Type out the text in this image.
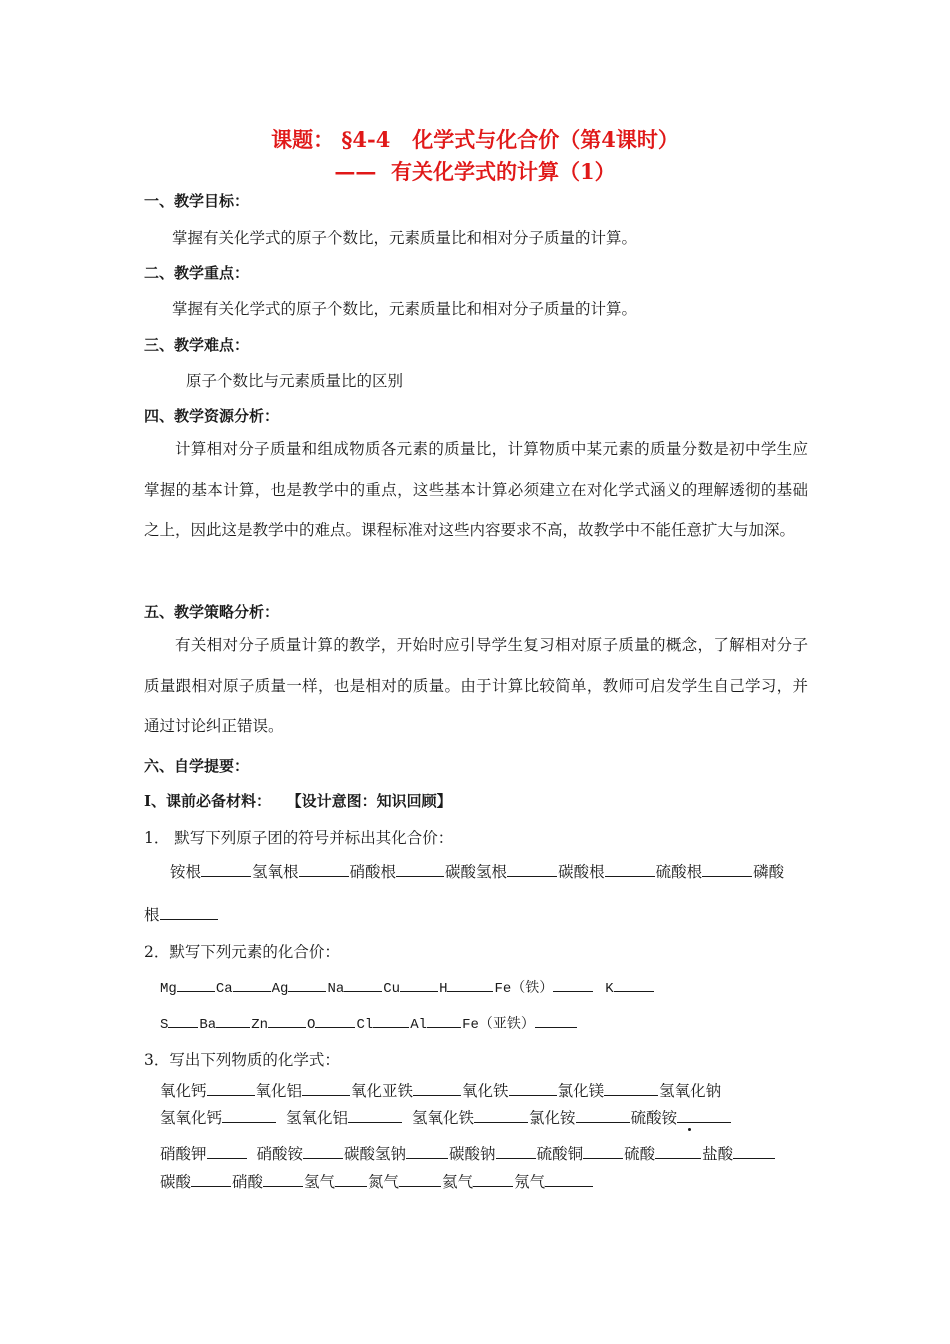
课题： §4-4   化学式与化合价（第4课时）
——  有关化学式的计算（1）
一、教学目标：
掌握有关化学式的原子个数比，元素质量比和相对分子质量的计算。
二、教学重点：
掌握有关化学式的原子个数比，元素质量比和相对分子质量的计算。
三、教学难点：
原子个数比与元素质量比的区别
四、教学资源分析：
计算相对分子质量和组成物质各元素的质量比，计算物质中某元素的质量分数是初中学生应掌握的基本计算，也是教学中的重点，这些基本计算必须建立在对化学式涵义的理解透彻的基础之上，因此这是教学中的难点。课程标准对这些内容要求不高，故教学中不能任意扩大与加深。
五、教学策略分析：
有关相对分子质量计算的教学，开始时应引导学生复习相对原子质量的概念，了解相对分子质量跟相对原子质量一样，也是相对的质量。由于计算比较简单，教师可启发学生自己学习，并通过讨论纠正错误。
六、自学提要：
Ⅰ、课前必备材料：   【设计意图：知识回顾】
1． 默写下列原子团的符号并标出其化合价：
铵根	氢氧根	硝酸根	碳酸氢根	碳酸根	硫酸根	磷酸
根
2．默写下列元素的化合价：
Mg	Ca	Ag	Na	Cu	H	Fe（铁）	K
S Ba	Zn	O	Cl	Al	Fe（亚铁）
3．写出下列物质的化学式：
氧化钙	氧化铝	氧化亚铁	氧化铁	氯化镁	氢氧化钠
氢氧化钙	氢氧化铝	氢氧化铁	氯化铵	硫酸铵
硝酸钾	硝酸铵	碳酸氢钠	碳酸钠	硫酸铜	硫酸	盐酸
碳酸	硝酸	氢气 氮气	氦气	氖气
